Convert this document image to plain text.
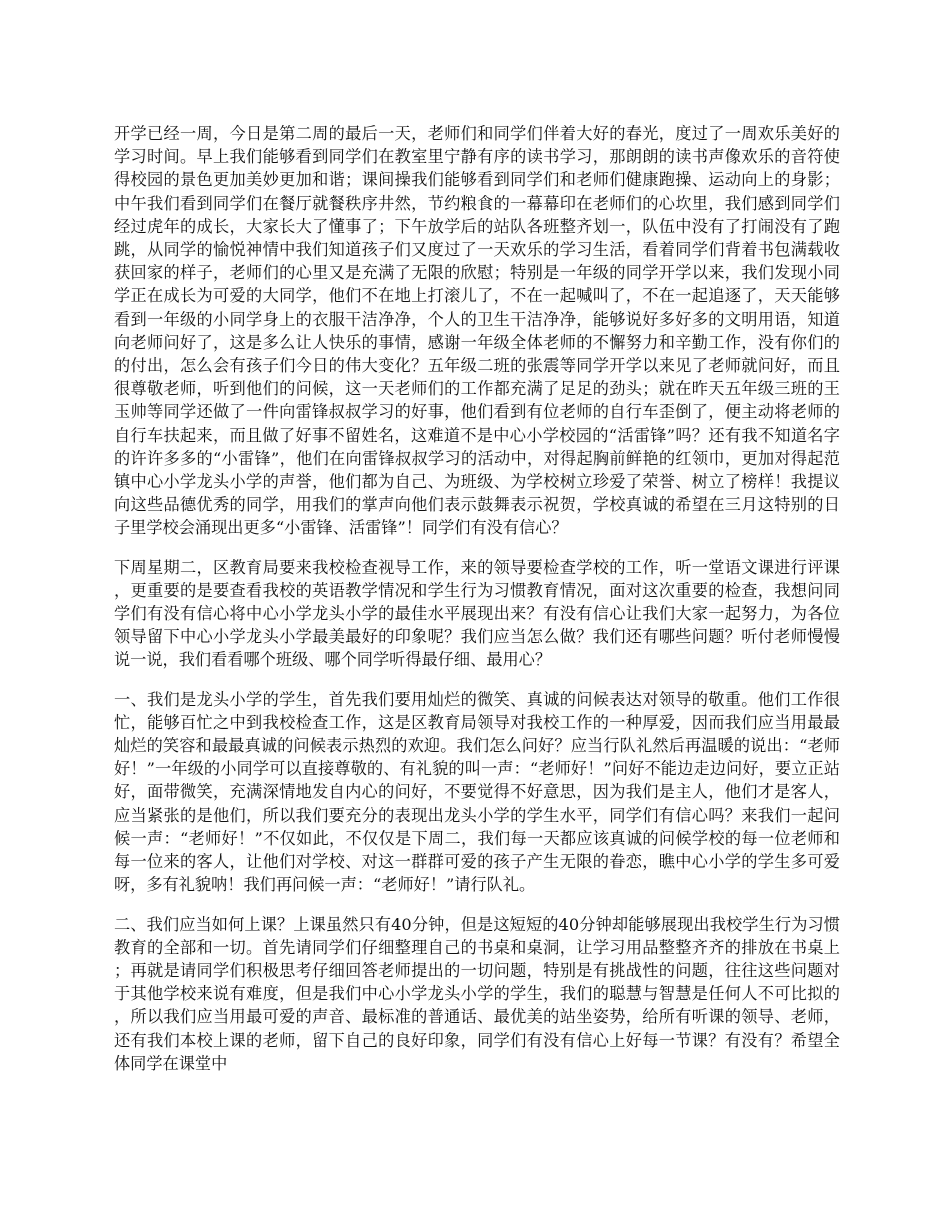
开学已经一周，今日是第二周的最后一天，老师们和同学们伴着大好的春光，度过了一周欢乐美好的学习时间。早上我们能够看到同学们在教室里宁静有序的读书学习，那朗朗的读书声像欢乐的音符使得校园的景色更加美妙更加和谐；课间操我们能够看到同学们和老师们健康跑操、运动向上的身影；中午我们看到同学们在餐厅就餐秩序井然，节约粮食的一幕幕印在老师们的心坎里，我们感到同学们经过虎年的成长，大家长大了懂事了；下午放学后的站队各班整齐划一，队伍中没有了打闹没有了跑跳，从同学的愉悦神情中我们知道孩子们又度过了一天欢乐的学习生活，看着同学们背着书包满载收获回家的样子，老师们的心里又是充满了无限的欣慰；特别是一年级的同学开学以来，我们发现小同学正在成长为可爱的大同学，他们不在地上打滚儿了，不在一起喊叫了，不在一起追逐了，天天能够看到一年级的小同学身上的衣服干洁净净，个人的卫生干洁净净，能够说好多好多的文明用语，知道向老师问好了，这是多么让人快乐的事情，感谢一年级全体老师的不懈努力和辛勤工作，没有你们的的付出，怎么会有孩子们今日的伟大变化？五年级二班的张震等同学开学以来见了老师就问好，而且很尊敬老师，听到他们的问候，这一天老师们的工作都充满了足足的劲头；就在昨天五年级三班的王玉帅等同学还做了一件向雷锋叔叔学习的好事，他们看到有位老师的自行车歪倒了，便主动将老师的自行车扶起来，而且做了好事不留姓名，这难道不是中心小学校园的“活雷锋”吗？还有我不知道名字的许许多多的“小雷锋”，他们在向雷锋叔叔学习的活动中，对得起胸前鲜艳的红领巾，更加对得起范镇中心小学龙头小学的声誉，他们都为自己、为班级、为学校树立珍爱了荣誉、树立了榜样！我提议向这些品德优秀的同学，用我们的掌声向他们表示鼓舞表示祝贺，学校真诚的希望在三月这特别的日子里学校会涌现出更多“小雷锋、活雷锋”！同学们有没有信心？

下周星期二，区教育局要来我校检查视导工作，来的领导要检查学校的工作，听一堂语文课进行评课，更重要的是要查看我校的英语教学情况和学生行为习惯教育情况，面对这次重要的检查，我想问同学们有没有信心将中心小学龙头小学的最佳水平展现出来？有没有信心让我们大家一起努力，为各位领导留下中心小学龙头小学最美最好的印象呢？我们应当怎么做？我们还有哪些问题？听付老师慢慢说一说，我们看看哪个班级、哪个同学听得最仔细、最用心？

一、我们是龙头小学的学生，首先我们要用灿烂的微笑、真诚的问候表达对领导的敬重。他们工作很忙，能够百忙之中到我校检查工作，这是区教育局领导对我校工作的一种厚爱，因而我们应当用最最灿烂的笑容和最最真诚的问候表示热烈的欢迎。我们怎么问好？应当行队礼然后再温暖的说出：“老师好！”一年级的小同学可以直接尊敬的、有礼貌的叫一声：“老师好！”问好不能边走边问好，要立正站好，面带微笑，充满深情地发自内心的问好，不要觉得不好意思，因为我们是主人，他们才是客人，应当紧张的是他们，所以我们要充分的表现出龙头小学的学生水平，同学们有信心吗？来我们一起问候一声：“老师好！”不仅如此，不仅仅是下周二，我们每一天都应该真诚的问候学校的每一位老师和每一位来的客人，让他们对学校、对这一群群可爱的孩子产生无限的眷恋，瞧中心小学的学生多可爱呀，多有礼貌呐！我们再问候一声：“老师好！”请行队礼。

二、我们应当如何上课？上课虽然只有40分钟，但是这短短的40分钟却能够展现出我校学生行为习惯教育的全部和一切。首先请同学们仔细整理自己的书桌和桌洞，让学习用品整整齐齐的排放在书桌上；再就是请同学们积极思考仔细回答老师提出的一切问题，特别是有挑战性的问题，往往这些问题对于其他学校来说有难度，但是我们中心小学龙头小学的学生，我们的聪慧与智慧是任何人不可比拟的，所以我们应当用最可爱的声音、最标准的普通话、最优美的站坐姿势，给所有听课的领导、老师，还有我们本校上课的老师，留下自己的良好印象，同学们有没有信心上好每一节课？有没有？希望全体同学在课堂中
